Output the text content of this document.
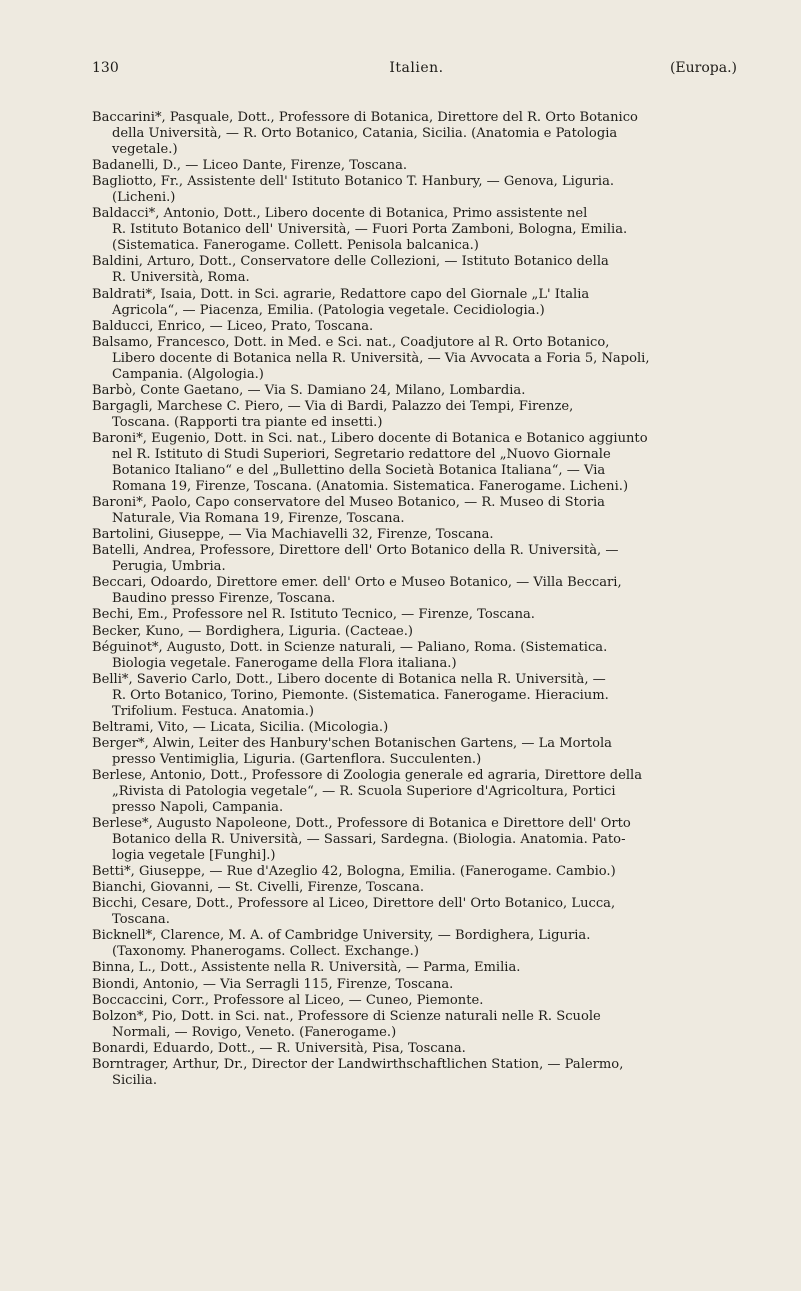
130	Italien.	(Europa.)
Baccarini*, Pasquale, Dott., Professore di Botanica, Direttore del R. Orto Botanico
della Università, — R. Orto Botanico, Catania, Sicilia. (Anatomia e Patologia
vegetale.)
Badanelli, D., — Liceo Dante, Firenze, Toscana.
Bagliotto, Fr., Assistente dell' Istituto Botanico T. Hanbury, — Genova, Liguria.
(Licheni.)
Baldacci*, Antonio, Dott., Libero docente di Botanica, Primo assistente nel
R. Istituto Botanico dell' Università, — Fuori Porta Zamboni, Bologna, Emilia.
(Sistematica. Fanerogame. Collett. Penisola balcanica.)
Baldini, Arturo, Dott., Conservatore delle Collezioni, — Istituto Botanico della
R. Università, Roma.
Baldrati*, Isaia, Dott. in Sci. agrarie, Redattore capo del Giornale „L' Italia
Agricola“, — Piacenza, Emilia. (Patologia vegetale. Cecidiologia.)
Balducci, Enrico, — Liceo, Prato, Toscana.
Balsamo, Francesco, Dott. in Med. e Sci. nat., Coadjutore al R. Orto Botanico,
Libero docente di Botanica nella R. Università, — Via Avvocata a Foria 5, Napoli,
Campania. (Algologia.)
Barbò, Conte Gaetano, — Via S. Damiano 24, Milano, Lombardia.
Bargagli, Marchese C. Piero, — Via di Bardi, Palazzo dei Tempi, Firenze,
Toscana. (Rapporti tra piante ed insetti.)
Baroni*, Eugenio, Dott. in Sci. nat., Libero docente di Botanica e Botanico aggiunto
nel R. Istituto di Studi Superiori, Segretario redattore del „Nuovo Giornale
Botanico Italiano“ e del „Bullettino della Società Botanica Italiana“, — Via
Romana 19, Firenze, Toscana. (Anatomia. Sistematica. Fanerogame. Licheni.)
Baroni*, Paolo, Capo conservatore del Museo Botanico, — R. Museo di Storia
Naturale, Via Romana 19, Firenze, Toscana.
Bartolini, Giuseppe, — Via Machiavelli 32, Firenze, Toscana.
Batelli, Andrea, Professore, Direttore dell' Orto Botanico della R. Università, —
Perugia, Umbria.
Beccari, Odoardo, Direttore emer. dell' Orto e Museo Botanico, — Villa Beccari,
Baudino presso Firenze, Toscana.
Bechi, Em., Professore nel R. Istituto Tecnico, — Firenze, Toscana.
Becker, Kuno, — Bordighera, Liguria. (Cacteae.)
Béguinot*, Augusto, Dott. in Scienze naturali, — Paliano, Roma. (Sistematica.
Biologia vegetale. Fanerogame della Flora italiana.)
Belli*, Saverio Carlo, Dott., Libero docente di Botanica nella R. Università, —
R. Orto Botanico, Torino, Piemonte. (Sistematica. Fanerogame. Hieracium.
Trifolium. Festuca. Anatomia.)
Beltrami, Vito, — Licata, Sicilia. (Micologia.)
Berger*, Alwin, Leiter des Hanbury'schen Botanischen Gartens, — La Mortola
presso Ventimiglia, Liguria. (Gartenflora. Succulenten.)
Berlese, Antonio, Dott., Professore di Zoologia generale ed agraria, Direttore della
„Rivista di Patologia vegetale“, — R. Scuola Superiore d'Agricoltura, Portici
presso Napoli, Campania.
Berlese*, Augusto Napoleone, Dott., Professore di Botanica e Direttore dell' Orto
Botanico della R. Università, — Sassari, Sardegna. (Biologia. Anatomia. Pato-
logia vegetale [Funghi].)
Betti*, Giuseppe, — Rue d'Azeglio 42, Bologna, Emilia. (Fanerogame. Cambio.)
Bianchi, Giovanni, — St. Civelli, Firenze, Toscana.
Bicchi, Cesare, Dott., Professore al Liceo, Direttore dell' Orto Botanico, Lucca,
Toscana.
Bicknell*, Clarence, M. A. of Cambridge University, — Bordighera, Liguria.
(Taxonomy. Phanerogams. Collect. Exchange.)
Binna, L., Dott., Assistente nella R. Università, — Parma, Emilia.
Biondi, Antonio, — Via Serragli 115, Firenze, Toscana.
Boccaccini, Corr., Professore al Liceo, — Cuneo, Piemonte.
Bolzon*, Pio, Dott. in Sci. nat., Professore di Scienze naturali nelle R. Scuole
Normali, — Rovigo, Veneto. (Fanerogame.)
Bonardi, Eduardo, Dott., — R. Università, Pisa, Toscana.
Borntrager, Arthur, Dr., Director der Landwirthschaftlichen Station, — Palermo,
Sicilia.
